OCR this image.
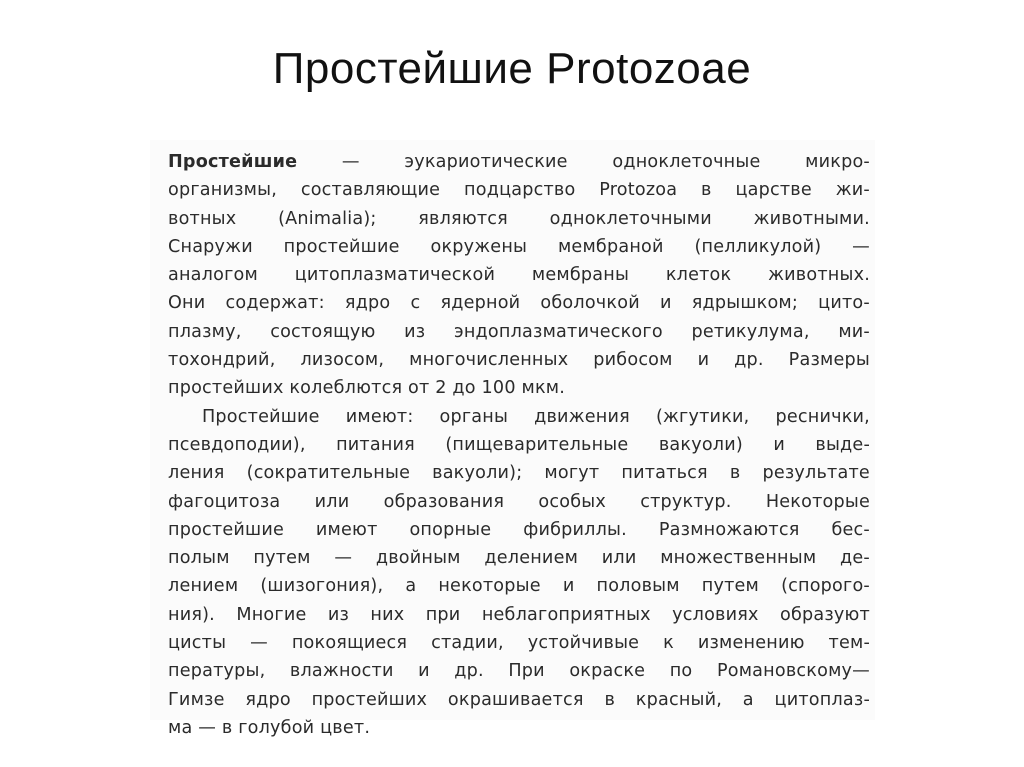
Простейшие Protozoae
Простейшие	—	эукариотические	одноклеточные	микро-
организмы, составляющие подцарство Protozoa в царстве жи-
вотных (Animalia); являются одноклеточными животными.
Снаружи простейшие окружены мембраной (пелликулой) —
аналогом цитоплазматической мембраны клеток животных.
Они содержат: ядро с ядерной оболочкой и ядрышком; цито-
плазму, состоящую из эндоплазматического ретикулума, ми-
тохондрий, лизосом, многочисленных рибосом и др. Размеры
простейших колеблются от 2 до 100 мкм.
Простейшие имеют: органы движения (жгутики, реснички,
псевдоподии), питания (пищеварительные вакуоли) и выде-
ления (сократительные вакуоли); могут питаться в результате
фагоцитоза или образования особых структур. Некоторые
простейшие имеют опорные фибриллы. Размножаются бес-
полым путем — двойным делением или множественным де-
лением (шизогония), а некоторые и половым путем (спорого-
ния). Многие из них при неблагоприятных условиях образуют
цисты — покоящиеся стадии, устойчивые к изменению тем-
пературы, влажности и др. При окраске по Романовскому—
Гимзе ядро простейших окрашивается в красный, а цитоплаз-
ма — в голубой цвет.
